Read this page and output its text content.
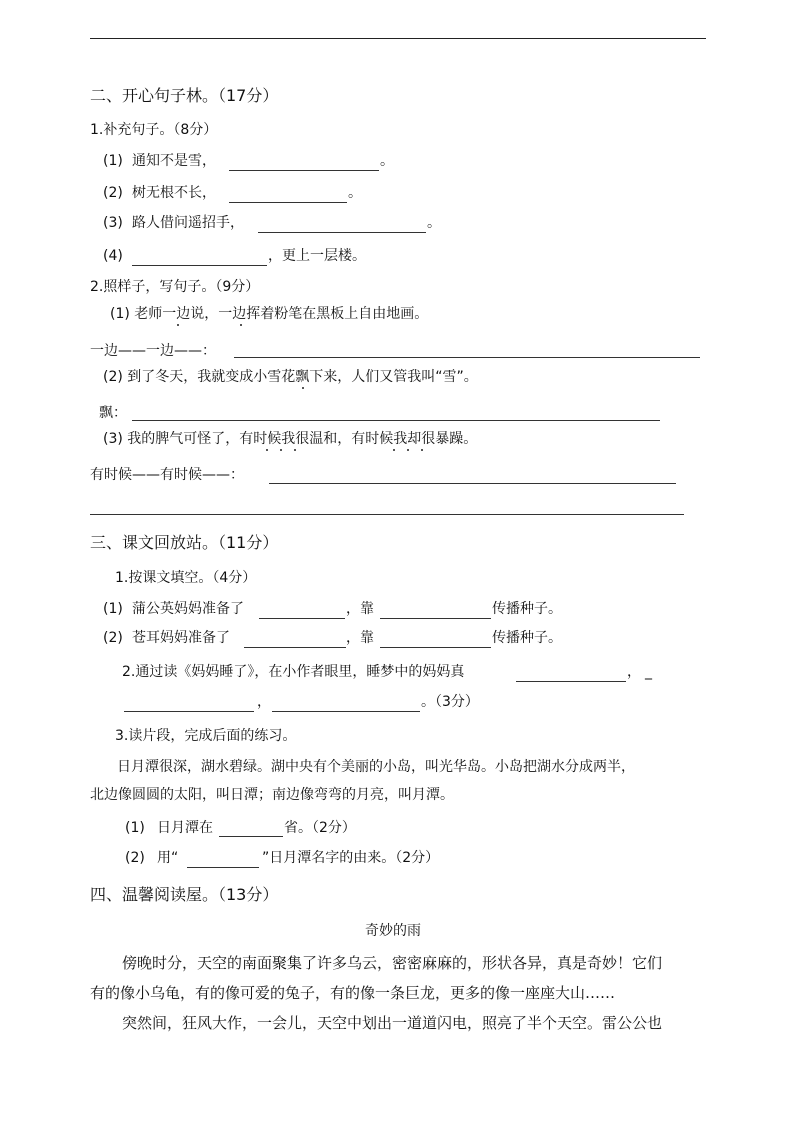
二、开心句子林。（17分）
1.补充句子。（8分）
(1) 通知不是雪，	。
(2) 树无根不长，	。
(3) 路人借问遥招手，	。
(4)	，更上一层楼。
2.照样子，写句子。（9分）
(1) 老师一边说，一边挥着粉笔在黑板上自由地画。
一边——一边——：
(2) 到了冬天，我就变成小雪花飘下来，人们又管我叫“雪”。
飘：
(3) 我的脾气可怪了，有时候我很温和，有时候我却很暴躁。
有时候——有时候——：
三、课文回放站。（11分）
1.按课文填空。（4分）
(1) 蒲公英妈妈准备了	，靠	传播种子。
(2) 苍耳妈妈准备了	，靠	传播种子。
2.通过读《妈妈睡了》，在小作者眼里，睡梦中的妈妈真	， _
，	。（3分）
3.读片段，完成后面的练习。
日月潭很深，湖水碧绿。湖中央有个美丽的小岛，叫光华岛。小岛把湖水分成两半，
北边像圆圆的太阳，叫日潭；南边像弯弯的月亮，叫月潭。
(1) 日月潭在	省。（2分）
(2) 用“	”日月潭名字的由来。（2分）
四、温馨阅读屋。（13分）
奇妙的雨
傍晚时分，天空的南面聚集了许多乌云，密密麻麻的，形状各异，真是奇妙！它们
有的像小乌龟，有的像可爱的兔子，有的像一条巨龙，更多的像一座座大山……
突然间，狂风大作，一会儿，天空中划出一道道闪电，照亮了半个天空。雷公公也
